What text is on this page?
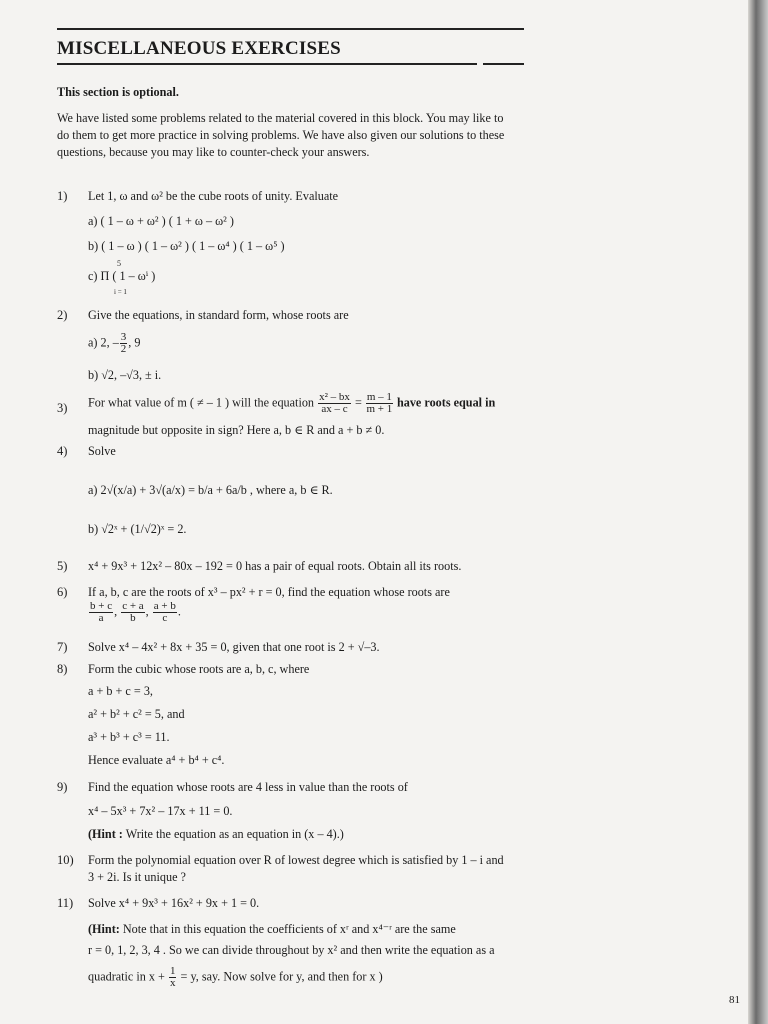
MISCELLANEOUS EXERCISES
This section is optional.
We have listed some problems related to the material covered in this block. You may like to
do them to get more practice in solving problems. We have also given our solutions to these
questions, because you may like to counter-check your answers.
1) Let 1, ω and ω² be the cube roots of unity. Evaluate
a) ( 1 – ω + ω² ) ( 1 + ω – ω² )
b) ( 1 – ω ) ( 1 – ω² ) ( 1 – ω⁴ ) ( 1 – ω⁵ )
5
c) Π ( 1 – ωⁱ )
i = 1
2) Give the equations, in standard form, whose roots are
a) 2, – $\frac{3}{2}$ , 9
b) √2, –√3, ± i.
3) For what value of m ( ≠ – 1 ) will the equation $\frac{\text{x² – bx}}{ax - c} = \frac{m - 1}{m + 1}$ have roots equal in
magnitude but opposite in sign? Here a, b ∈ R and a + b ≠ 0.
4) Solve
a) 2√(x/a) + 3√(a/x) = b/a + 6a/b , where a, b ∈ R.
b) √2ˣ + (1/√2)ˣ = 2.
5) x⁴ + 9x³ + 12x² – 80x – 192 = 0 has a pair of equal roots. Obtain all its roots.
6) If a, b, c are the roots of x³ – px² + r = 0, find the equation whose roots are
$\frac{b + c}{a}$ , $\frac{c + a}{b}$ , $\frac{a + b}{c}$ .
7) Solve x⁴ – 4x² + 8x + 35 = 0, given that one root is 2 + √–3.
8) Form the cubic whose roots are a, b, c, where
a + b + c = 3,
a² + b² + c² = 5, and
a³ + b³ + c³ = 11.
Hence evaluate a⁴ + b⁴ + c⁴.
9) Find the equation whose roots are 4 less in value than the roots of
x⁴ – 5x³ + 7x² – 17x + 11 = 0.
(Hint : Write the equation as an equation in (x – 4).)
10) Form the polynomial equation over R of lowest degree which is satisfied by 1 – i and
3 + 2i. Is it unique ?
11) Solve x⁴ + 9x³ + 16x² + 9x + 1 = 0.
(Hint: Note that in this equation the coefficients of xʳ and x⁴⁻ʳ are the same
r = 0, 1, 2, 3, 4 . So we can divide throughout by x² and then write the equation as a
quadratic in $x + \frac{1}{x} = y$, say. Now solve for y, and then for x )
81
